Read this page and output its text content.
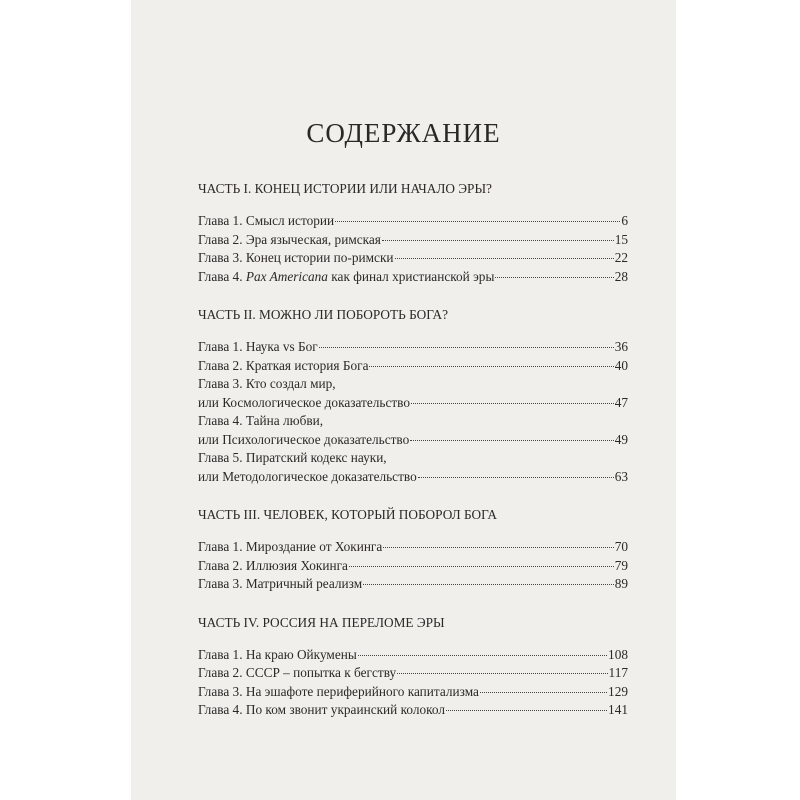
СОДЕРЖАНИЕ
ЧАСТЬ I. КОНЕЦ ИСТОРИИ ИЛИ НАЧАЛО ЭРЫ?
Глава 1. Смысл истории	6
Глава 2. Эра языческая, римская	15
Глава 3. Конец истории по-римски	22
Глава 4. Pax Americana как финал христианской эры	28
ЧАСТЬ II. МОЖНО ЛИ ПОБОРОТЬ БОГА?
Глава 1. Наука vs Бог	36
Глава 2. Краткая история Бога	40
Глава 3. Кто создал мир,
или Космологическое доказательство	47
Глава 4. Тайна любви,
или Психологическое доказательство	49
Глава 5. Пиратский кодекс науки,
или Методологическое доказательство	63
ЧАСТЬ III. ЧЕЛОВЕК, КОТОРЫЙ ПОБОРОЛ БОГА
Глава 1. Мироздание от Хокинга	70
Глава 2. Иллюзия Хокинга	79
Глава 3. Матричный реализм	89
ЧАСТЬ IV. РОССИЯ НА ПЕРЕЛОМЕ ЭРЫ
Глава 1. На краю Ойкумены	108
Глава 2. СССР – попытка к бегству	117
Глава 3. На эшафоте периферийного капитализма	129
Глава 4. По ком звонит украинский колокол	141
